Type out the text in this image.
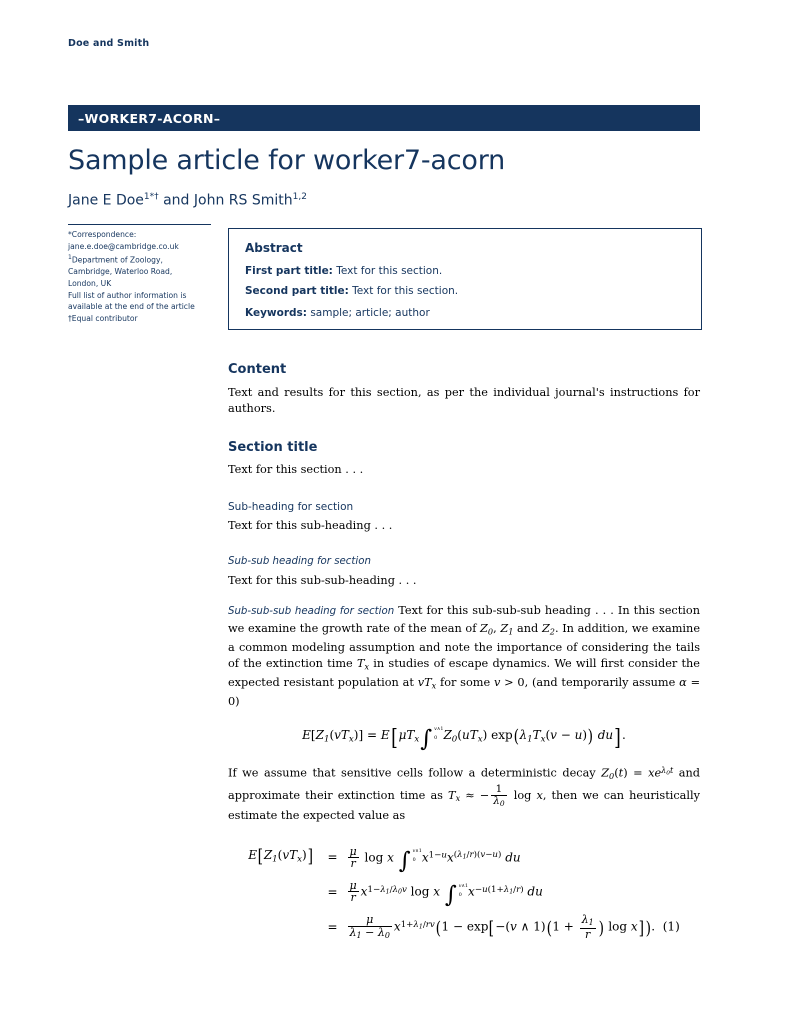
Doe and Smith
–WORKER7-ACORN–
Sample article for worker7-acorn
Jane E Doe$^{1*\dagger}$ and John RS Smith$^{1,2}$
*Correspondence:
jane.e.doe@cambridge.co.uk
$^1$Department of Zoology,
Cambridge, Waterloo Road,
London, UK
Full list of author information is
available at the end of the article
†Equal contributor
Abstract
First part title: Text for this section.
Second part title: Text for this section.
Keywords: sample; article; author
Content

Text and results for this section, as per the individual journal's instructions for authors.

Section title

Text for this section . . .

Sub-heading for section

Text for this sub-heading . . .

Sub-sub heading for section

Text for this sub-sub-heading . . .

Sub-sub-sub heading for section Text for this sub-sub-sub heading . . . In this section we examine the growth rate of the mean of $Z_0$, $Z_1$ and $Z_2$. In addition, we examine a common modeling assumption and note the importance of considering the tails of the extinction time $T_x$ in studies of escape dynamics. We will first consider the expected resistant population at $vT_x$ for some v > 0, (and temporarily assume α = 0)

$E[Z_1(vT_x)] = E[\mu T_x\int$ v∧1
0 $Z_0(uT_x) \exp(\lambda_1T_x(v - u))$ du].

If we assume that sensitive cells follow a deterministic decay $Z_0(t) = xe^{\lambda_0t}$ and approximate their extinction time as $T_x$ ≈ − $\frac{1}{\lambda_0}$ log x, then we can heuristically estimate the expected value as

$E[Z_1(vT_x)]$	=	$\frac{\mu}{r}$ log x ∫ v∧1
0 $x^{1-u}x^{(\lambda_1/r)(v-u)}$ du
	=	$\frac{\mu}{r} x^{1-\lambda_1/\lambda_0v}$ log x ∫ v∧1
0 $x^{-u(1+\lambda_1/r)}$ du
	=	$\frac{\mu}{\lambda_1 - \lambda_0} x^{1+\lambda_1/rv}(1 - \exp[-(v$ ∧ $1)(1 + \frac{\lambda_1}{r}$ ) log x]).  (1)
